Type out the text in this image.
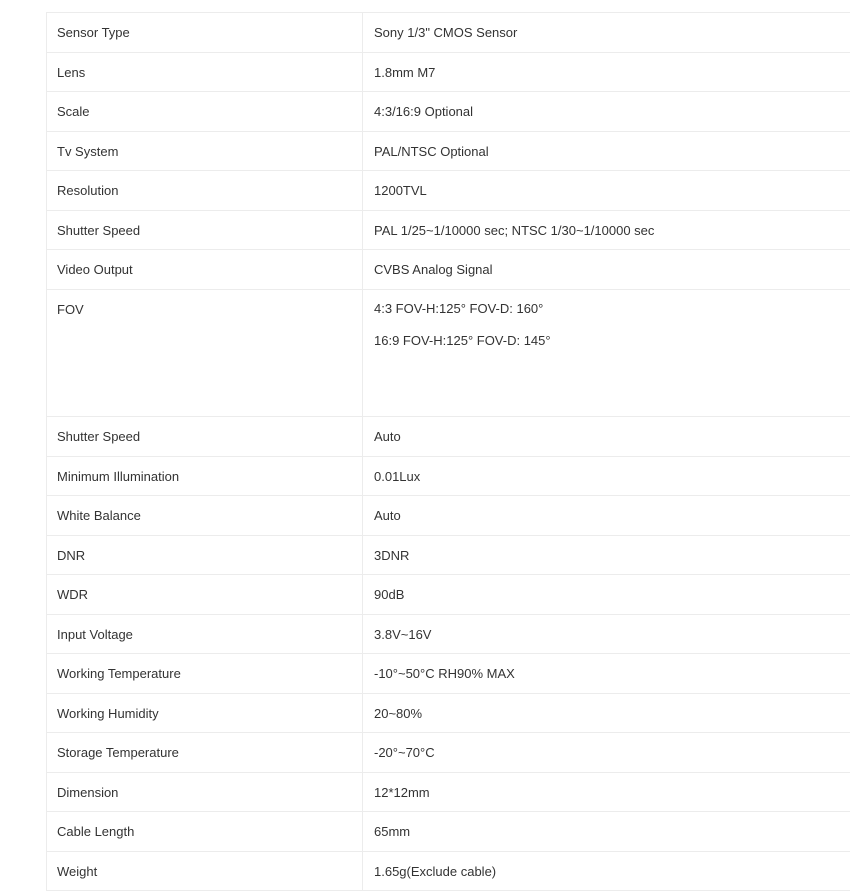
Sensor Type	Sony 1/3" CMOS Sensor
Lens	1.8mm M7
Scale	4:3/16:9 Optional
Tv System	PAL/NTSC Optional
Resolution	1200TVL
Shutter Speed	PAL 1/25~1/10000 sec; NTSC 1/30~1/10000 sec
Video Output	CVBS Analog Signal
FOV	4:3 FOV-H:125° FOV-D: 160°
16:9 FOV-H:125° FOV-D: 145°
Shutter Speed	Auto
Minimum Illumination	0.01Lux
White Balance	Auto
DNR	3DNR
WDR	90dB
Input Voltage	3.8V~16V
Working Temperature	-10°~50°C RH90% MAX
Working Humidity	20~80%
Storage Temperature	-20°~70°C
Dimension	12*12mm
Cable Length	65mm
Weight	1.65g(Exclude cable)
